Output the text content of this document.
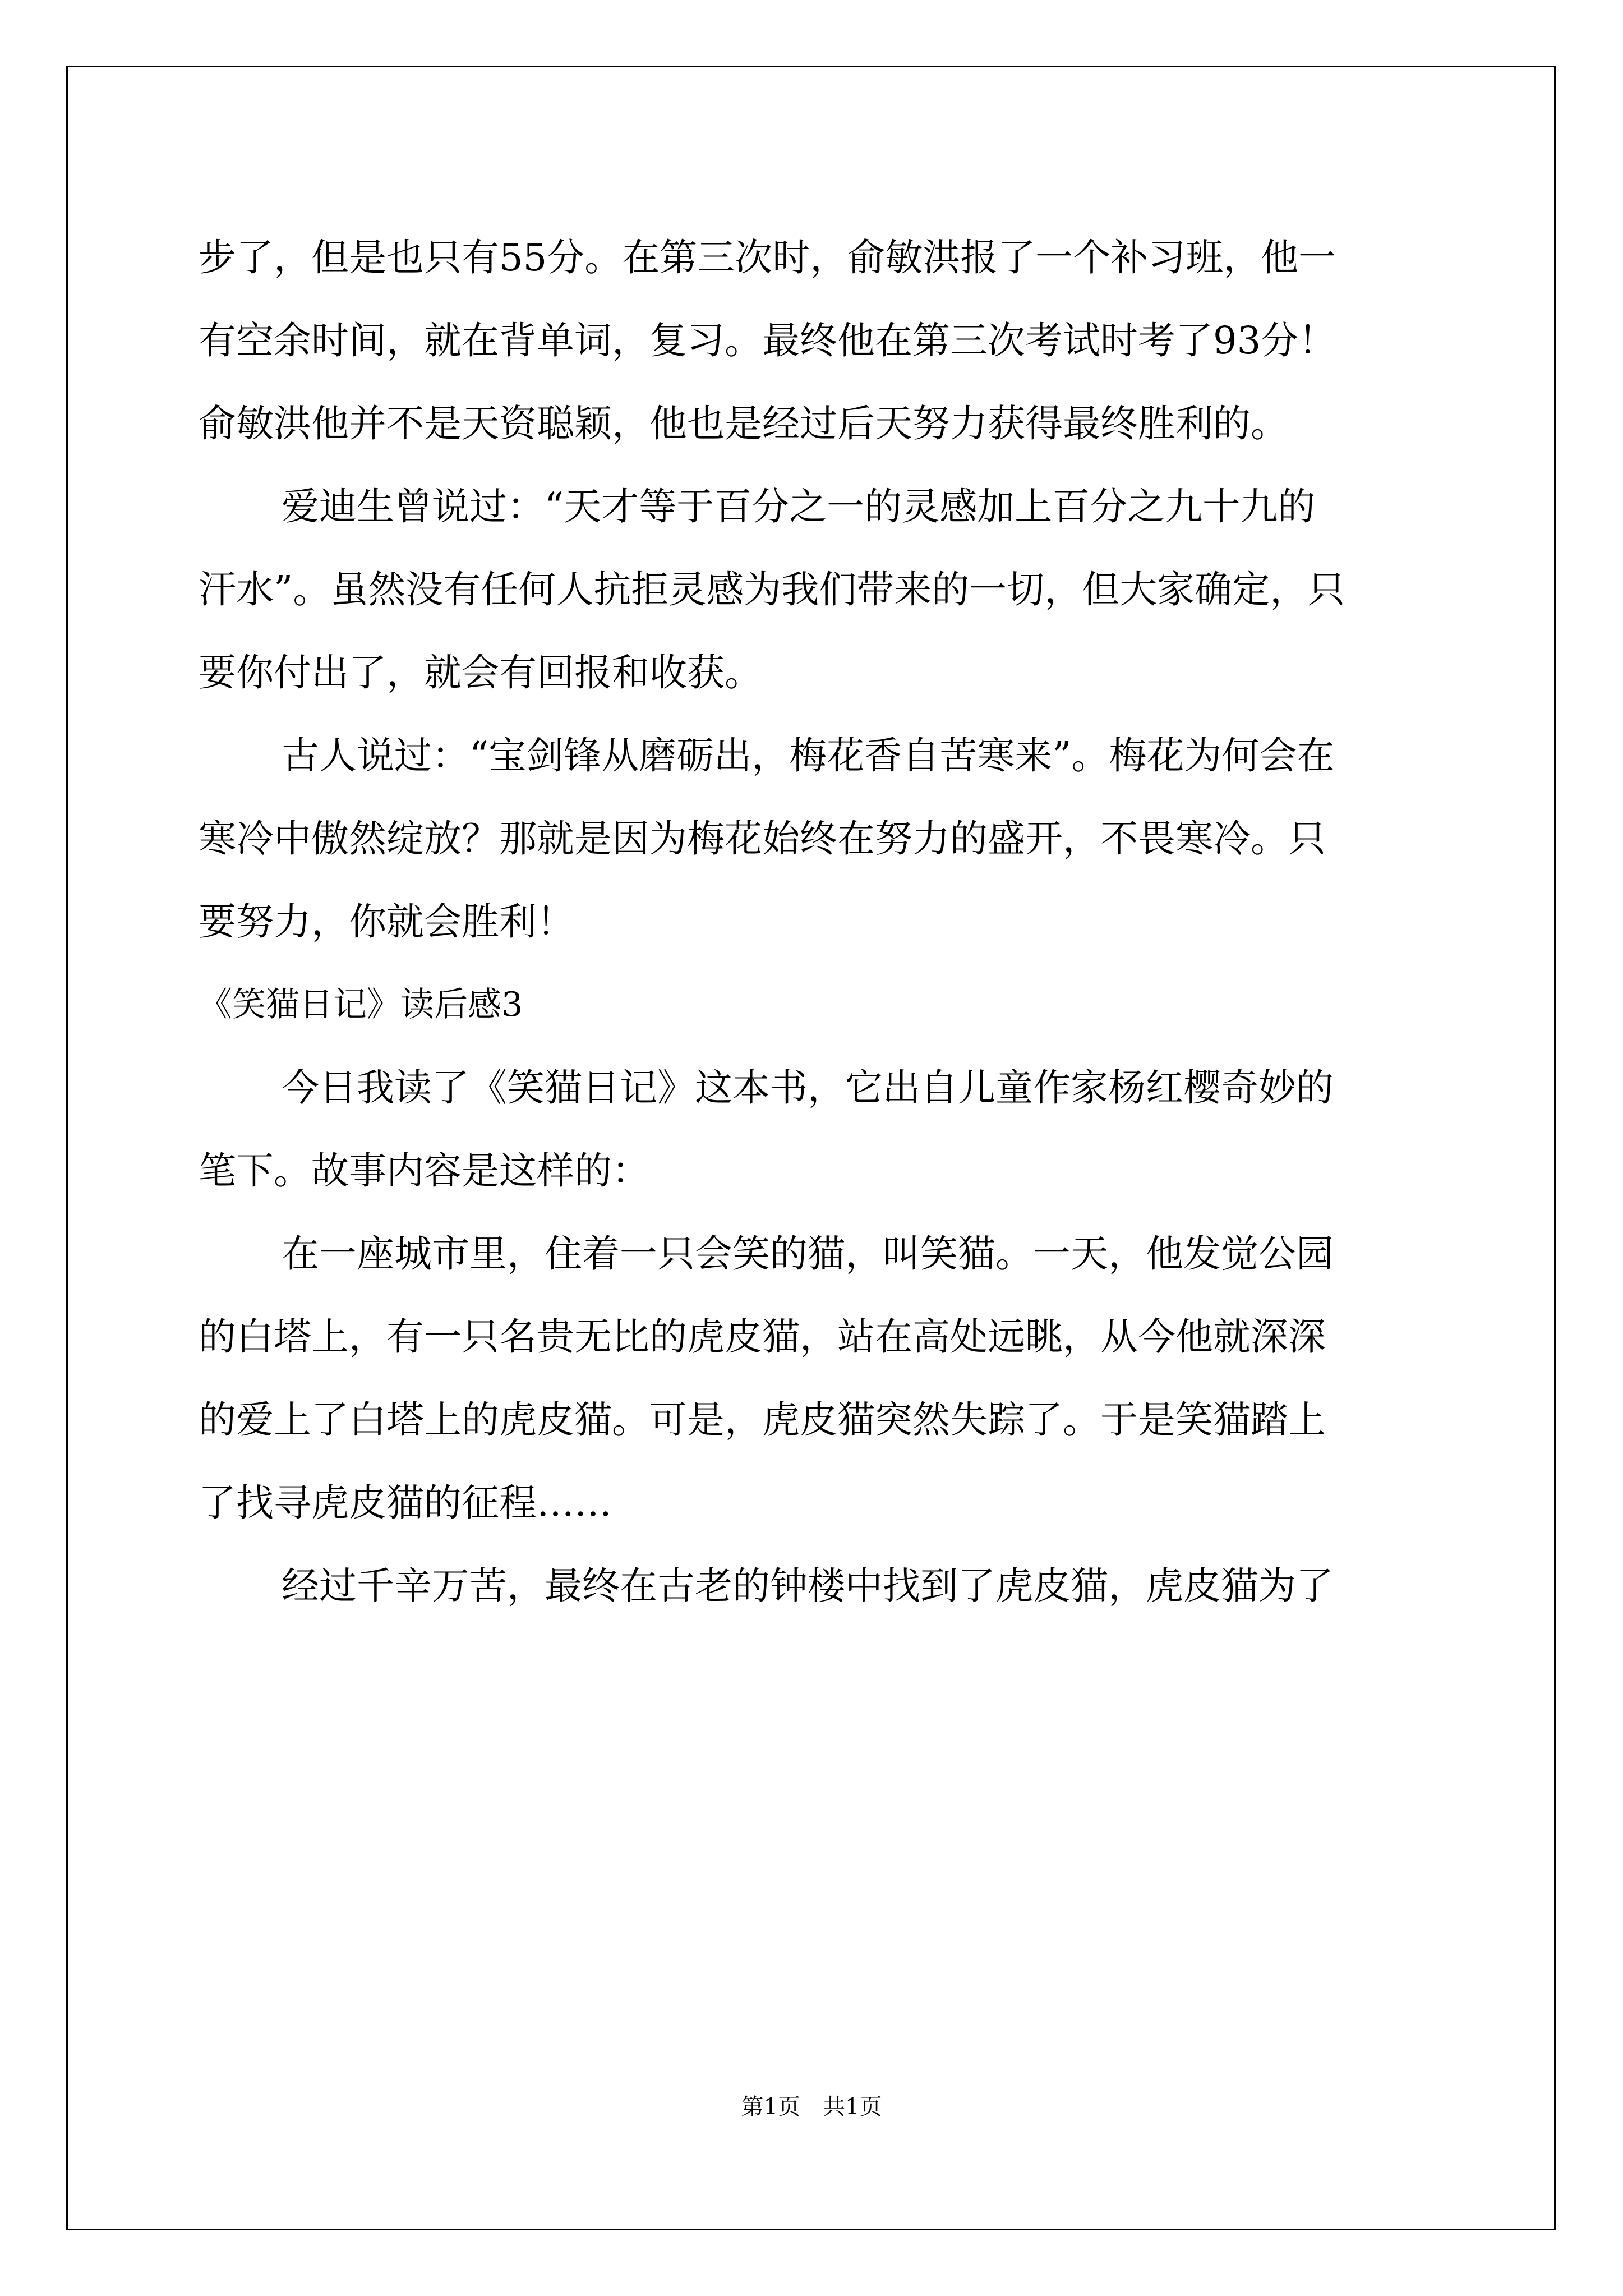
步了，但是也只有55分。在第三次时，俞敏洪报了一个补习班，他一
有空余时间，就在背单词，复习。最终他在第三次考试时考了93分！
俞敏洪他并不是天资聪颖，他也是经过后天努力获得最终胜利的。
爱迪生曾说过：“天才等于百分之一的灵感加上百分之九十九的
汗水”。虽然没有任何人抗拒灵感为我们带来的一切，但大家确定，只
要你付出了，就会有回报和收获。
古人说过：“宝剑锋从磨砺出，梅花香自苦寒来”。梅花为何会在
寒冷中傲然绽放？那就是因为梅花始终在努力的盛开，不畏寒冷。只
要努力，你就会胜利！
《笑猫日记》读后感3
今日我读了《笑猫日记》这本书，它出自儿童作家杨红樱奇妙的
笔下。故事内容是这样的：
在一座城市里，住着一只会笑的猫，叫笑猫。一天，他发觉公园
的白塔上，有一只名贵无比的虎皮猫，站在高处远眺，从今他就深深
的爱上了白塔上的虎皮猫。可是，虎皮猫突然失踪了。于是笑猫踏上
了找寻虎皮猫的征程……
经过千辛万苦，最终在古老的钟楼中找到了虎皮猫，虎皮猫为了
第1页　共1页
